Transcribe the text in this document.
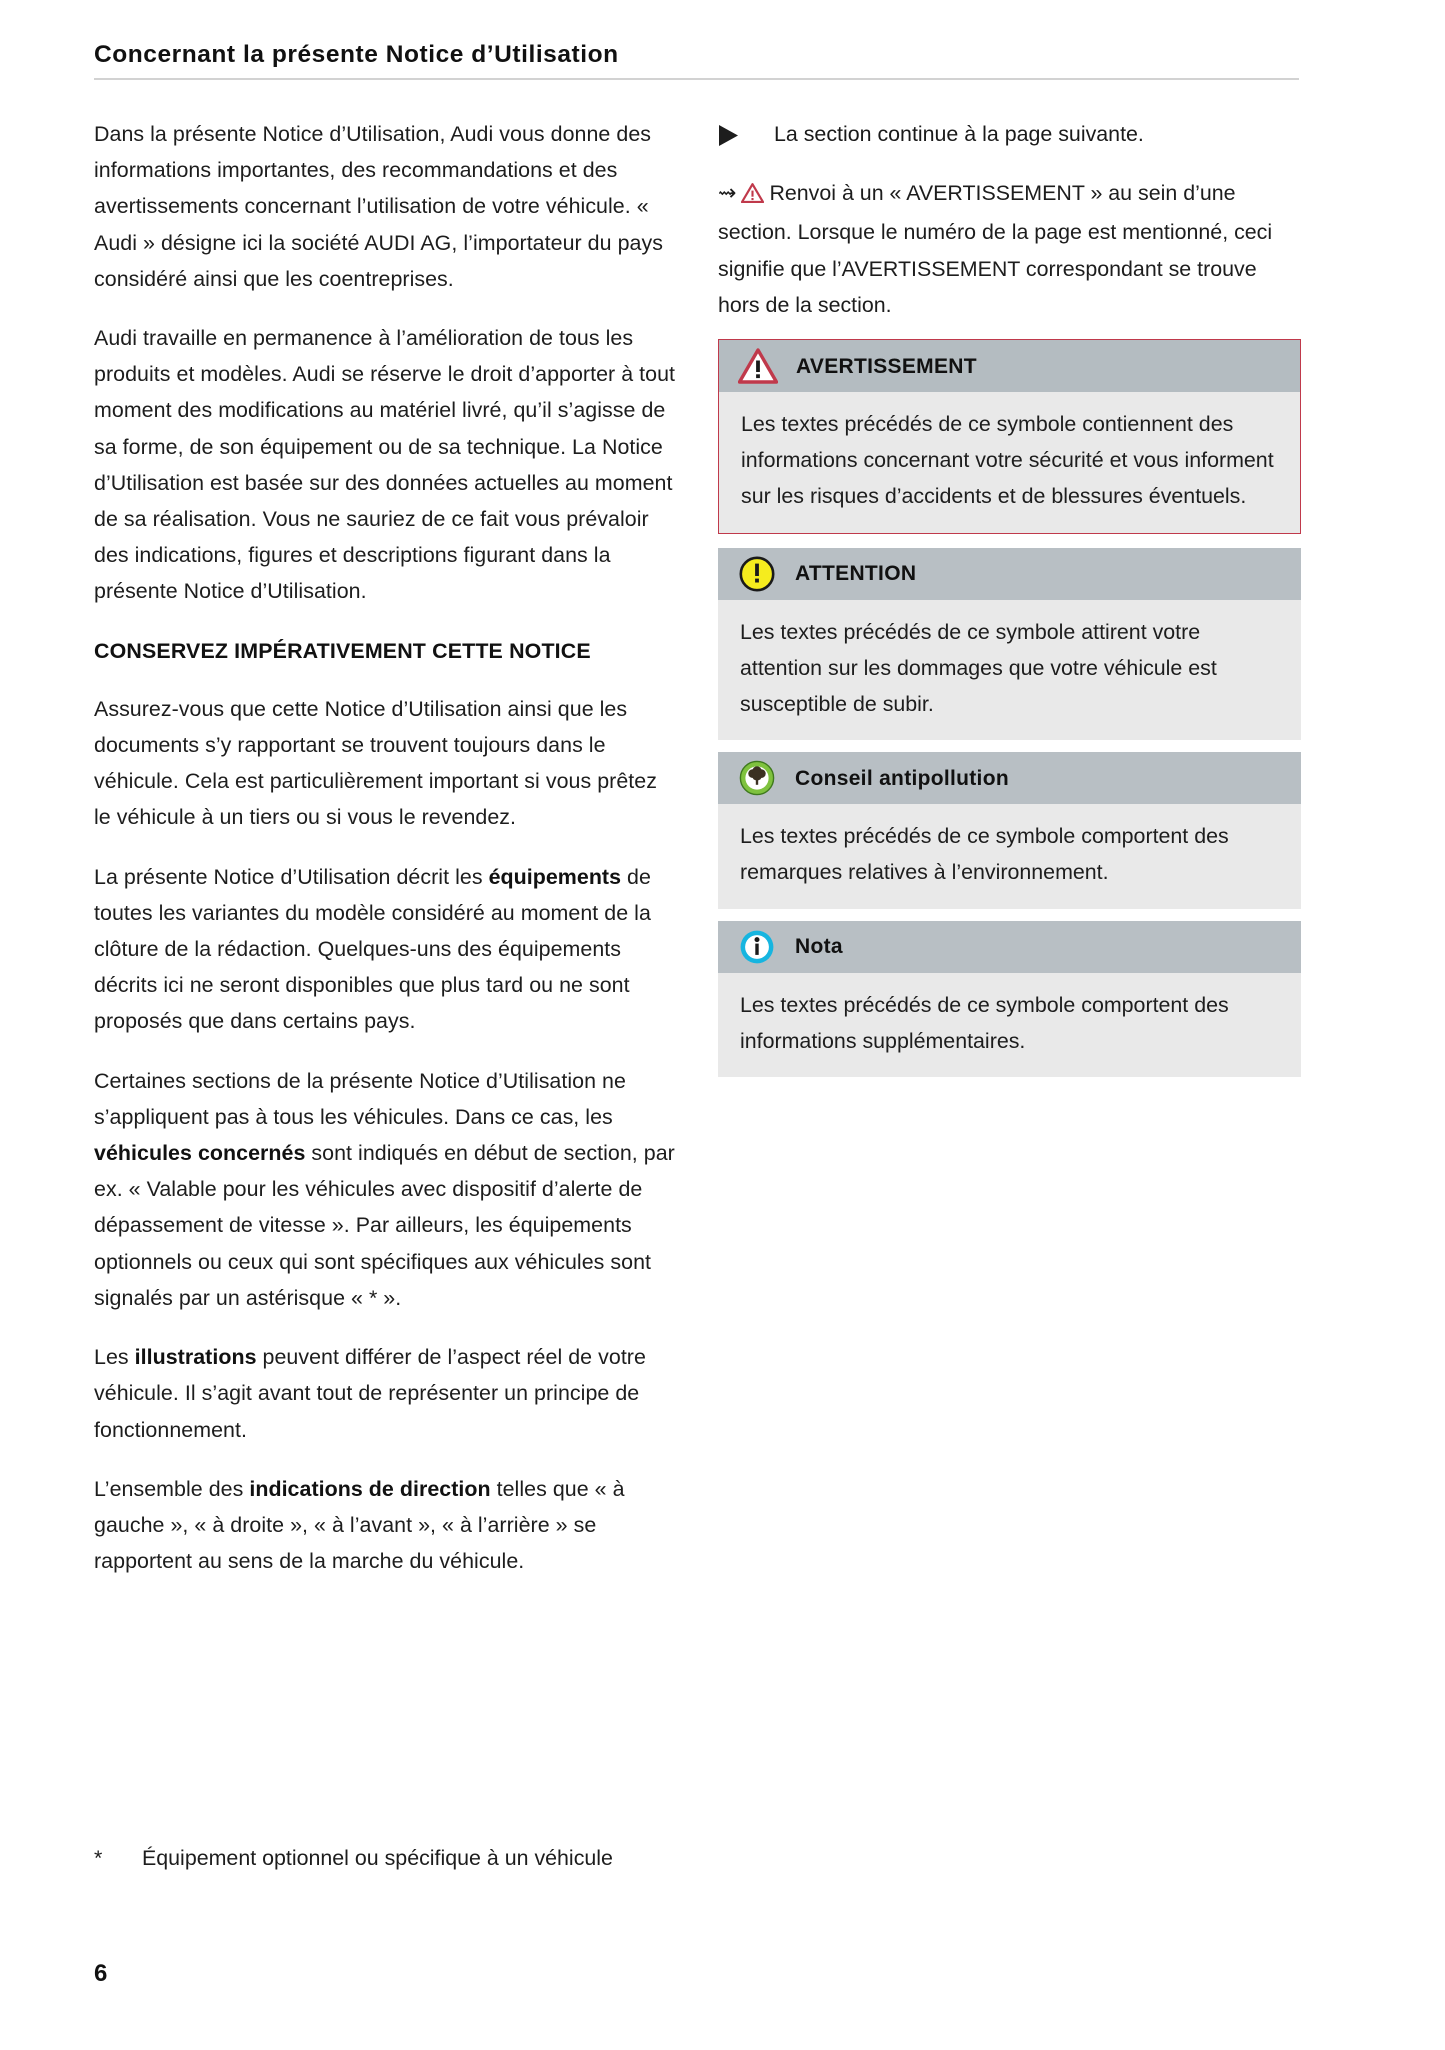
Concernant la présente Notice d’Utilisation

Dans la présente Notice d’Utilisation, Audi vous donne des informations importantes, des recommandations et des avertissements concernant l’utilisation de votre véhicule. « Audi » désigne ici la société AUDI AG, l’importateur du pays considéré ainsi que les coentreprises.

Audi travaille en permanence à l’amélioration de tous les produits et modèles. Audi se réserve le droit d’apporter à tout moment des modifications au matériel livré, qu’il s’agisse de sa forme, de son équipement ou de sa technique. La Notice d’Utilisation est basée sur des données actuelles au moment de sa réalisation. Vous ne sauriez de ce fait vous prévaloir des indications, figures et descriptions figurant dans la présente Notice d’Utilisation.

CONSERVEZ IMPÉRATIVEMENT CETTE NOTICE

Assurez-vous que cette Notice d’Utilisation ainsi que les documents s’y rapportant se trouvent toujours dans le véhicule. Cela est particulièrement important si vous prêtez le véhicule à un tiers ou si vous le revendez.

La présente Notice d’Utilisation décrit les équipements de toutes les variantes du modèle considéré au moment de la clôture de la rédaction. Quelques-uns des équipements décrits ici ne seront disponibles que plus tard ou ne sont proposés que dans certains pays.

Certaines sections de la présente Notice d’Utilisation ne s’appliquent pas à tous les véhicules. Dans ce cas, les véhicules concernés sont indiqués en début de section, par ex. « Valable pour les véhicules avec dispositif d’alerte de dépassement de vitesse ». Par ailleurs, les équipements optionnels ou ceux qui sont spécifiques aux véhicules sont signalés par un astérisque « * ».

Les illustrations peuvent différer de l’aspect réel de votre véhicule. Il s’agit avant tout de représenter un principe de fonctionnement.

L’ensemble des indications de direction telles que « à gauche », « à droite », « à l’avant », « à l’arrière » se rapportent au sens de la marche du véhicule.

*	Équipement optionnel ou spécifique à un véhicule
6
La section continue à la page suivante.
⇝ Renvoi à un « AVERTISSEMENT » au sein d’une section. Lorsque le numéro de la page est mentionné, ceci signifie que l’AVERTISSEMENT correspondant se trouve hors de la section.
AVERTISSEMENT

Les textes précédés de ce symbole contiennent des informations concernant votre sécurité et vous informent sur les risques d’accidents et de blessures éventuels.

ATTENTION

Les textes précédés de ce symbole attirent votre attention sur les dommages que votre véhicule est susceptible de subir.

Conseil antipollution

Les textes précédés de ce symbole comportent des remarques relatives à l’environnement.

Nota

Les textes précédés de ce symbole comportent des informations supplémentaires.
